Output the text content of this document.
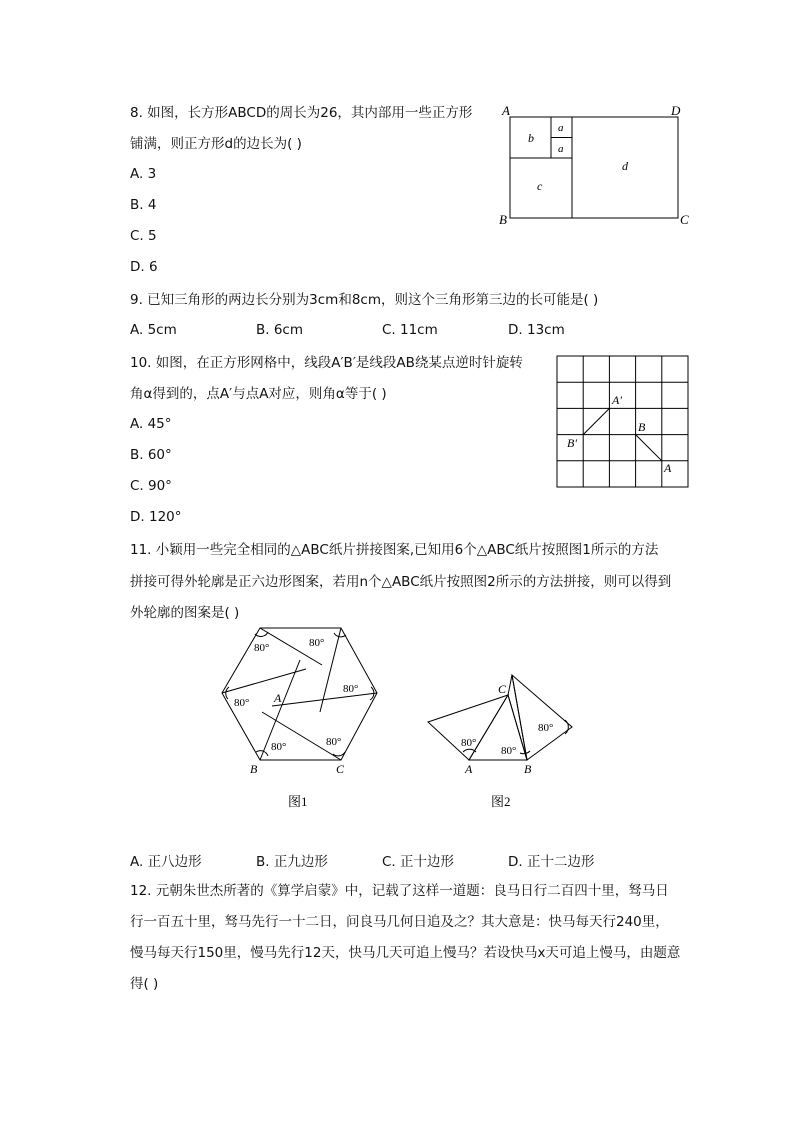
8. 如图，长方形ABCD的周长为26，其内部用一些正方形
铺满，则正方形d的边长为( )
A. 3
B. 4
C. 5
D. 6
A	D
B	C
b
a
a
c
d
9. 已知三角形的两边长分别为3cm和8cm，则这个三角形第三边的长可能是( )
A. 5cm	B. 6cm	C. 11cm	D. 13cm
10. 如图，在正方形网格中，线段A′B′是线段AB绕某点逆时针旋转
角α得到的，点A′与点A对应，则角α等于( )
A. 45°
B. 60°
C. 90°
D. 120°
A′
B′
B
A
11. 小颖用一些完全相同的△ABC纸片拼接图案,已知用6个△ABC纸片按照图1所示的方法
拼接可得外轮廓是正六边形图案，若用n个△ABC纸片按照图2所示的方法拼接，则可以得到
外轮廓的图案是( )
80°	80°
80°
80°
80°
80° A
B	C
图1
80°
80°
80°
C
A	B
图2
A. 正八边形	B. 正九边形	C. 正十边形	D. 正十二边形
12. 元朝朱世杰所著的《算学启蒙》中，记载了这样一道题：良马日行二百四十里，驽马日
行一百五十里，驽马先行一十二日，问良马几何日追及之？其大意是：快马每天行240里，
慢马每天行150里，慢马先行12天，快马几天可追上慢马？若设快马x天可追上慢马，由题意
得( )
